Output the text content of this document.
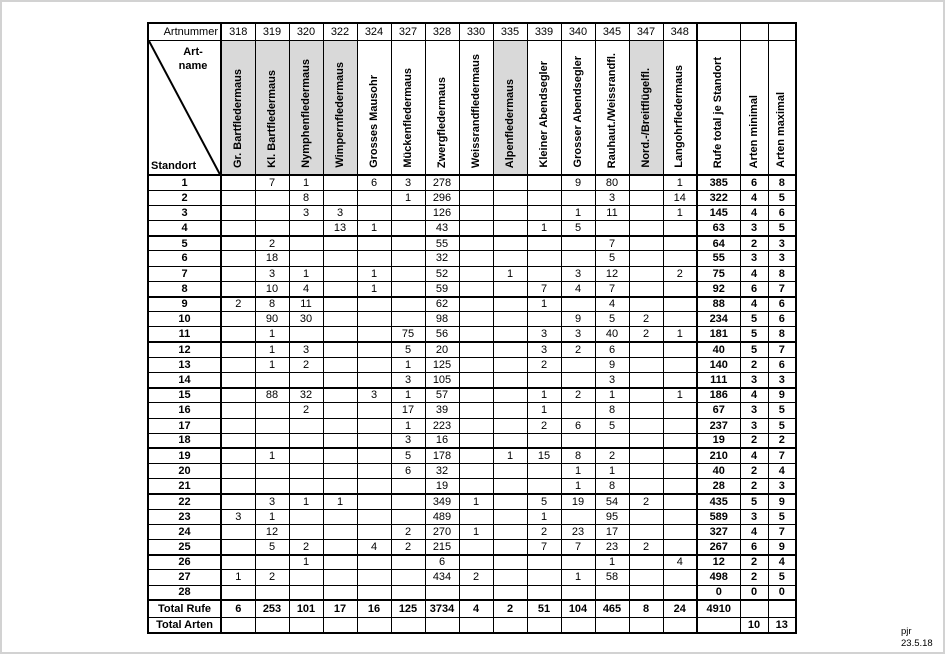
Artnummer	318	319	320	322	324	327	328	330	335	339	340	345	347	348			

Art-
name
Standort	Gr. Bartfledermaus	Kl. Bartfledermaus	Nymphenfledermaus	Wimpernfledermaus	Grosses Mausohr	Mückenfledermaus	Zwergfledermaus	Weissrandfledermaus	Alpenfledermaus	Kleiner Abendsegler	Grosser Abendsegler	Rauhaut./Weissrandfl.	Nord.-/Breitflügelfl.	Langohrfledermaus	Rufe total je Standort	Arten minimal	Arten maximal
1		7	1		6	3	278				9	80		1	385	6	8
2			8			1	296					3		14	322	4	5
3			3	3			126				1	11		1	145	4	6
4				13	1		43			1	5				63	3	5
5		2					55					7			64	2	3
6		18					32					5			55	3	3
7		3	1		1		52		1		3	12		2	75	4	8
8		10	4		1		59			7	4	7			92	6	7
9	2	8	11				62			1		4			88	4	6
10		90	30				98				9	5	2		234	5	6
11		1				75	56			3	3	40	2	1	181	5	8
12		1	3			5	20			3	2	6			40	5	7
13		1	2			1	125			2		9			140	2	6
14						3	105					3			111	3	3
15		88	32		3	1	57			1	2	1		1	186	4	9
16			2			17	39			1		8			67	3	5
17						1	223			2	6	5			237	3	5
18						3	16								19	2	2
19		1				5	178		1	15	8	2			210	4	7
20						6	32				1	1			40	2	4
21							19				1	8			28	2	3
22		3	1	1			349	1		5	19	54	2		435	5	9
23	3	1					489			1		95			589	3	5
24		12				2	270	1		2	23	17			327	4	7
25		5	2		4	2	215			7	7	23	2		267	6	9
26			1				6					1		4	12	2	4
27	1	2					434	2			1	58			498	2	5
28															0	0	0
Total Rufe	6	253	101	17	16	125	3734	4	2	51	104	465	8	24	4910		
Total Arten																10	13
pjr
23.5.18
